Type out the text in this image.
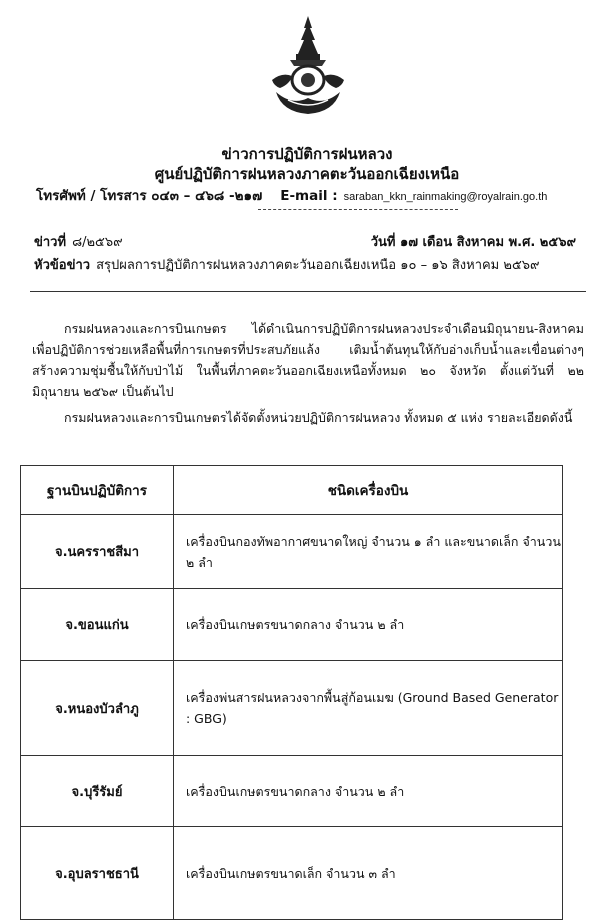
ข่าวการปฏิบัติการฝนหลวง
ศูนย์ปฏิบัติการฝนหลวงภาคตะวันออกเฉียงเหนือ
โทรศัพท์ / โทรสาร ๐๔๓ – ๔๖๘ -๒๑๗ E-mail : saraban_kkn_rainmaking@royalrain.go.th
ข่าวที่ ๘/๒๕๖๙	วันที่ ๑๗ เดือน สิงหาคม พ.ศ. ๒๕๖๙
หัวข้อข่าว สรุปผลการปฏิบัติการฝนหลวงภาคตะวันออกเฉียงเหนือ ๑๐ – ๑๖ สิงหาคม ๒๕๖๙
กรมฝนหลวงและการบินเกษตร ได้ดำเนินการปฏิบัติการฝนหลวงประจำเดือนมิถุนายน-สิงหาคม เพื่อปฏิบัติการช่วยเหลือพื้นที่การเกษตรที่ประสบภัยแล้ง เติมน้ำต้นทุนให้กับอ่างเก็บน้ำและเขื่อนต่างๆ สร้างความชุ่มชื้นให้กับป่าไม้ ในพื้นที่ภาคตะวันออกเฉียงเหนือทั้งหมด ๒๐ จังหวัด ตั้งแต่วันที่ ๒๒ มิถุนายน ๒๕๖๙ เป็นต้นไป
กรมฝนหลวงและการบินเกษตรได้จัดตั้งหน่วยปฏิบัติการฝนหลวง ทั้งหมด ๕ แห่ง รายละเอียดดังนี้
ฐานบินปฏิบัติการ	ชนิดเครื่องบิน
จ.นครราชสีมา	เครื่องบินกองทัพอากาศขนาดใหญ่ จำนวน ๑ ลำ และขนาดเล็ก จำนวน ๒ ลำ
จ.ขอนแก่น	เครื่องบินเกษตรขนาดกลาง จำนวน ๒ ลำ
จ.หนองบัวลำภู	เครื่องพ่นสารฝนหลวงจากพื้นสู่ก้อนเมฆ (Ground Based Generator : GBG)
จ.บุรีรัมย์	เครื่องบินเกษตรขนาดกลาง จำนวน ๒ ลำ
จ.อุบลราชธานี	เครื่องบินเกษตรขนาดเล็ก จำนวน ๓ ลำ
